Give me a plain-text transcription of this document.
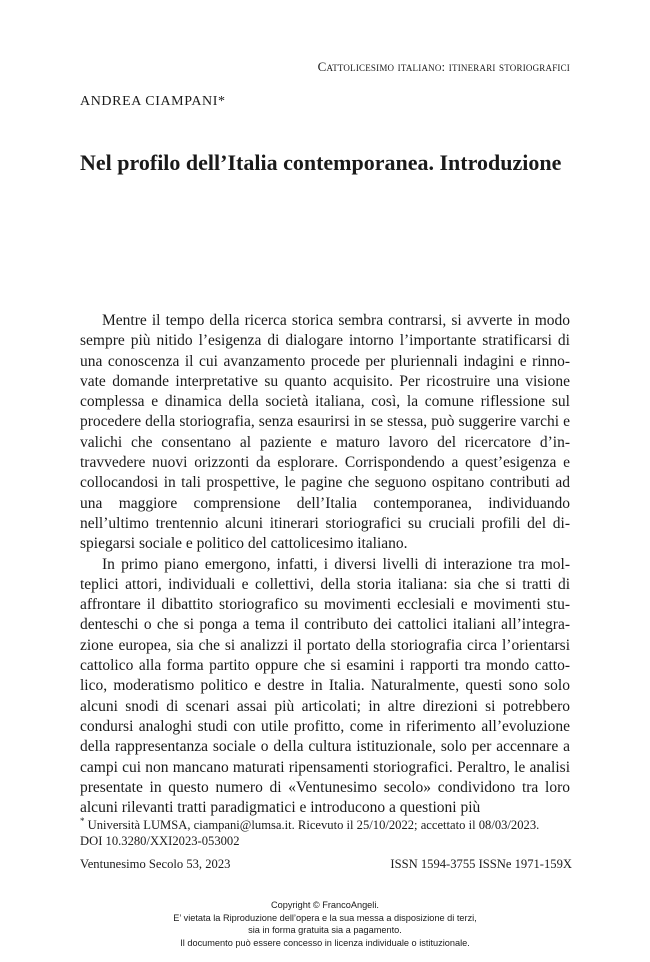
Cattolicesimo italiano: itinerari storiografici
ANDREA CIAMPANI*
Nel profilo dell’Italia contemporanea. Introduzione

Mentre il tempo della ricerca storica sembra contrarsi, si avverte in modo sempre più nitido l’esigenza di dialogare intorno l’importante stratificarsi di una conoscenza il cui avanzamento procede per pluriennali indagini e rinnovate domande interpretative su quanto acquisito. Per ricostruire una visione complessa e dinamica della società italiana, così, la comune riflessione sul procedere della storiografia, senza esaurirsi in se stessa, può suggerire varchi e valichi che consentano al paziente e maturo lavoro del ricercatore d’intravvedere nuovi orizzonti da esplorare. Corrispondendo a quest’esigenza e collocandosi in tali prospettive, le pagine che seguono ospitano contributi ad una maggiore comprensione dell’Italia contemporanea, individuando nell’ultimo trentennio alcuni itinerari storiografici su cruciali profili del dispiegarsi sociale e politico del cattolicesimo italiano.

In primo piano emergono, infatti, i diversi livelli di interazione tra molteplici attori, individuali e collettivi, della storia italiana: sia che si tratti di affrontare il dibattito storiografico su movimenti ecclesiali e movimenti studenteschi o che si ponga a tema il contributo dei cattolici italiani all’integrazione europea, sia che si analizzi il portato della storiografia circa l’orientarsi cattolico alla forma partito oppure che si esamini i rapporti tra mondo cattolico, moderatismo politico e destre in Italia. Naturalmente, questi sono solo alcuni snodi di scenari assai più articolati; in altre direzioni si potrebbero condursi analoghi studi con utile profitto, come in riferimento all’evoluzione della rappresentanza sociale o della cultura istituzionale, solo per accennare a campi cui non mancano maturati ripensamenti storiografici. Peraltro, le analisi presentate in questo numero di «Ventunesimo secolo» condividono tra loro alcuni rilevanti tratti paradigmatici e introducono a questioni più

* Università LUMSA, ciampani@lumsa.it. Ricevuto il 25/10/2022; accettato il 08/03/2023.
DOI 10.3280/XXI2023-053002
Ventunesimo Secolo 53, 2023	ISSN 1594-3755 ISSNe 1971-159X
Copyright © FrancoAngeli.
E’ vietata la Riproduzione dell’opera e la sua messa a disposizione di terzi,
sia in forma gratuita sia a pagamento.
Il documento può essere concesso in licenza individuale o istituzionale.
